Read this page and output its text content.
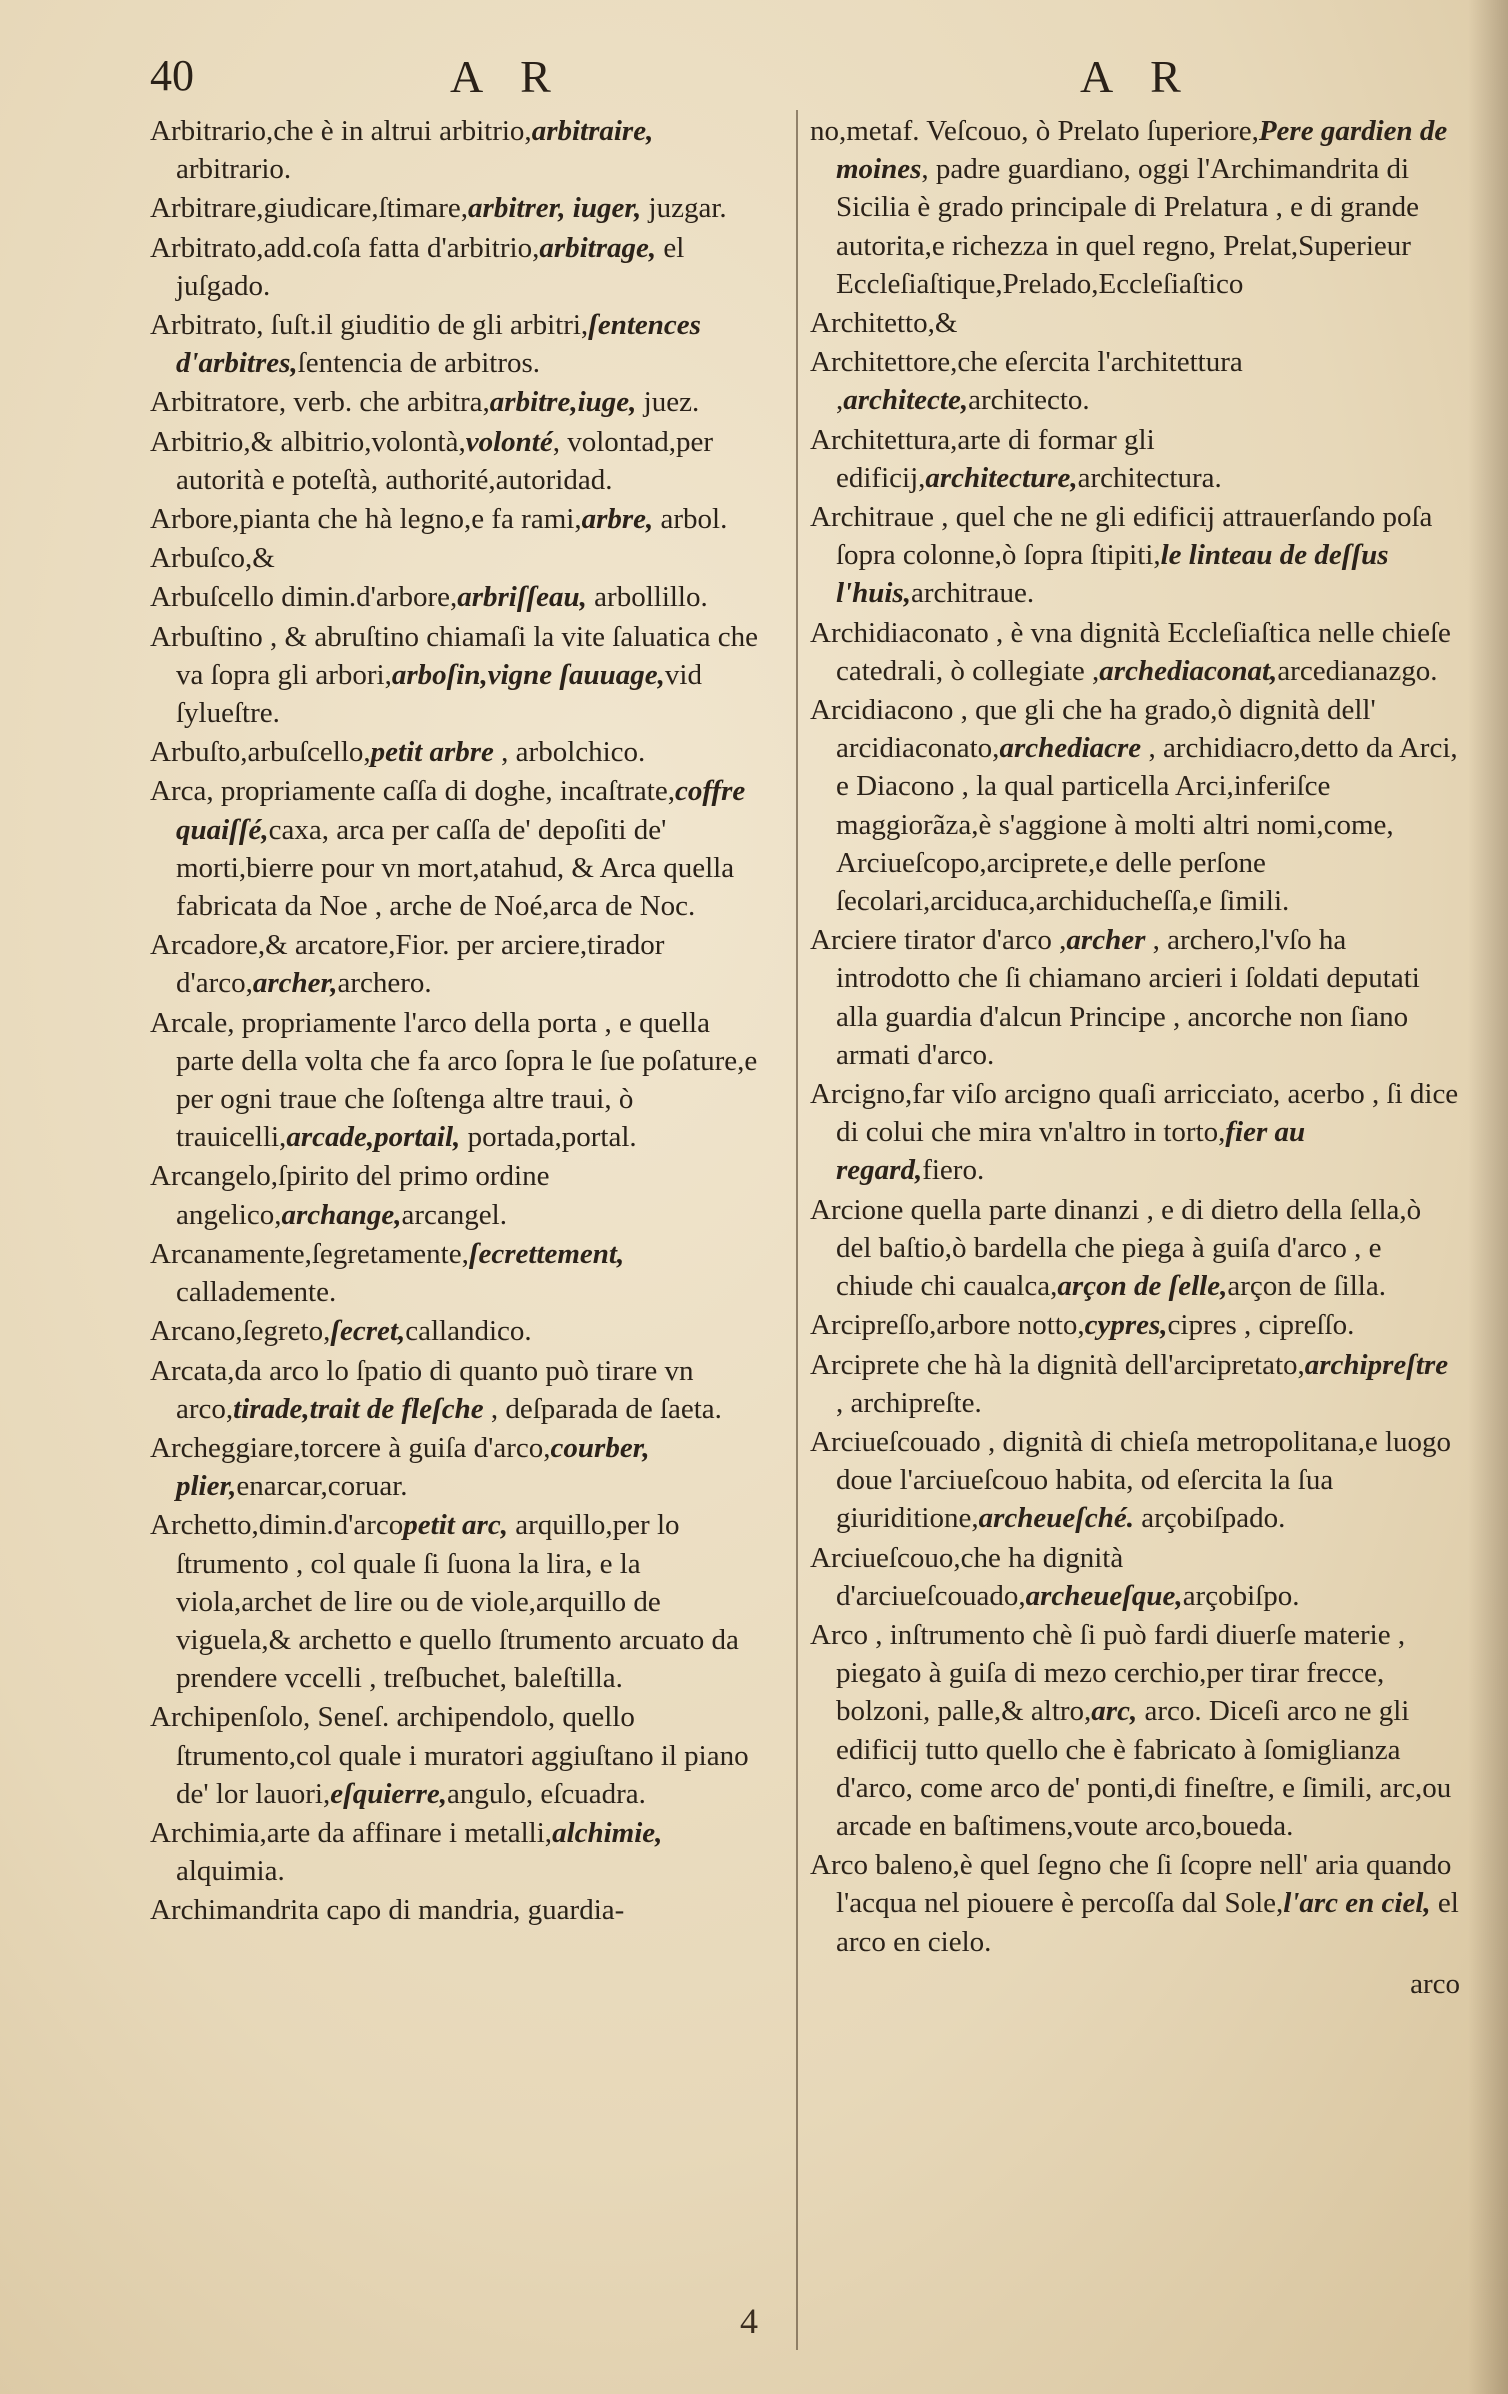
40	A R	A R
Arbitrario,che è in altrui arbitrio,arbitraire, arbitrario.
Arbitrare,giudicare,ſtimare,arbitrer, iuger, juzgar.
Arbitrato,add.coſa fatta d'arbitrio,arbitrage, el juſgado.
Arbitrato, ſuſt.il giuditio de gli arbitri,ſentences d'arbitres,ſentencia de arbitros.
Arbitratore, verb. che arbitra,arbitre,iuge, juez.
Arbitrio,& albitrio,volontà,volonté, volontad,per autorità e poteſtà, authorité,autoridad.
Arbore,pianta che hà legno,e fa rami,arbre, arbol.
Arbuſco,&
Arbuſcello dimin.d'arbore,arbriſſeau, arbollillo.
Arbuſtino , & abruſtino chiamaſi la vite ſaluatica che va ſopra gli arbori,arboſin,vigne ſauuage,vid ſylueſtre.
Arbuſto,arbuſcello,petit arbre , arbolchico.
Arca, propriamente caſſa di doghe, incaſtrate,coffre quaiſſé,caxa, arca per caſſa de' depoſiti de' morti,bierre pour vn mort,atahud, & Arca quella fabricata da Noe , arche de Noé,arca de Noc.
Arcadore,& arcatore,Fior. per arciere,tirador d'arco,archer,archero.
Arcale, propriamente l'arco della porta , e quella parte della volta che fa arco ſopra le ſue poſature,e per ogni traue che ſoſtenga altre traui, ò trauicelli,arcade,portail, portada,portal.
Arcangelo,ſpirito del primo ordine angelico,archange,arcangel.
Arcanamente,ſegretamente,ſecrettement, callademente.
Arcano,ſegreto,ſecret,callandico.
Arcata,da arco lo ſpatio di quanto può tirare vn arco,tirade,trait de fleſche , deſparada de ſaeta.
Archeggiare,torcere à guiſa d'arco,courber, plier,enarcar,coruar.
Archetto,dimin.d'arcopetit arc, arquillo,per lo ſtrumento , col quale ſi ſuona la lira, e la viola,archet de lire ou de viole,arquillo de viguela,& archetto e quello ſtrumento arcuato da prendere vccelli , treſbuchet, baleſtilla.
Archipenſolo, Seneſ. archipendolo, quello ſtrumento,col quale i muratori aggiuſtano il piano de' lor lauori,eſquierre,angulo, eſcuadra.
Archimia,arte da affinare i metalli,alchimie, alquimia.
Archimandrita capo di mandria, guardia-
no,metaf. Veſcouo, ò Prelato ſuperiore,Pere gardien de moines, padre guardiano, oggi l'Archimandrita di Sicilia è grado principale di Prelatura , e di grande autorita,e richezza in quel regno, Prelat,Superieur Eccleſiaſtique,Prelado,Eccleſiaſtico
Architetto,&
Architettore,che eſercita l'architettura ,architecte,architecto.
Architettura,arte di formar gli edificij,architecture,architectura.
Architraue , quel che ne gli edificij attrauerſando poſa ſopra colonne,ò ſopra ſtipiti,le linteau de deſſus l'huis,architraue.
Archidiaconato , è vna dignità Eccleſiaſtica nelle chieſe catedrali, ò collegiate ,archediaconat,arcedianazgo.
Arcidiacono , que gli che ha grado,ò dignità dell' arcidiaconato,archediacre , archidiacro,detto da Arci, e Diacono , la qual particella Arci,inferiſce maggiorãza,è s'aggione à molti altri nomi,come, Arciueſcopo,arciprete,e delle perſone ſecolari,arciduca,archiducheſſa,e ſimili.
Arciere tirator d'arco ,archer , archero,l'vſo ha introdotto che ſi chiamano arcieri i ſoldati deputati alla guardia d'alcun Principe , ancorche non ſiano armati d'arco.
Arcigno,far viſo arcigno quaſi arricciato, acerbo , ſi dice di colui che mira vn'altro in torto,fier au regard,fiero.
Arcione quella parte dinanzi , e di dietro della ſella,ò del baſtio,ò bardella che piega à guiſa d'arco , e chiude chi caualca,arçon de ſelle,arçon de ſilla.
Arcipreſſo,arbore notto,cypres,cipres , cipreſſo.
Arciprete che hà la dignità dell'arcipretato,archipreſtre , archipreſte.
Arciueſcouado , dignità di chieſa metropolitana,e luogo doue l'arciueſcouo habita, od eſercita la ſua giuriditione,archeueſché. arçobiſpado.
Arciueſcouo,che ha dignità d'arciueſcouado,archeueſque,arçobiſpo.
Arco , inſtrumento chè ſi può fardi diuerſe materie , piegato à guiſa di mezo cerchio,per tirar frecce, bolzoni, palle,& altro,arc, arco. Diceſi arco ne gli edificij tutto quello che è fabricato à ſomiglianza d'arco, come arco de' ponti,di fineſtre, e ſimili, arc,ou arcade en baſtimens,voute arco,boueda.
Arco baleno,è quel ſegno che ſi ſcopre nell' aria quando l'acqua nel piouere è percoſſa dal Sole,l'arc en ciel, el arco en cielo.
arco
4
